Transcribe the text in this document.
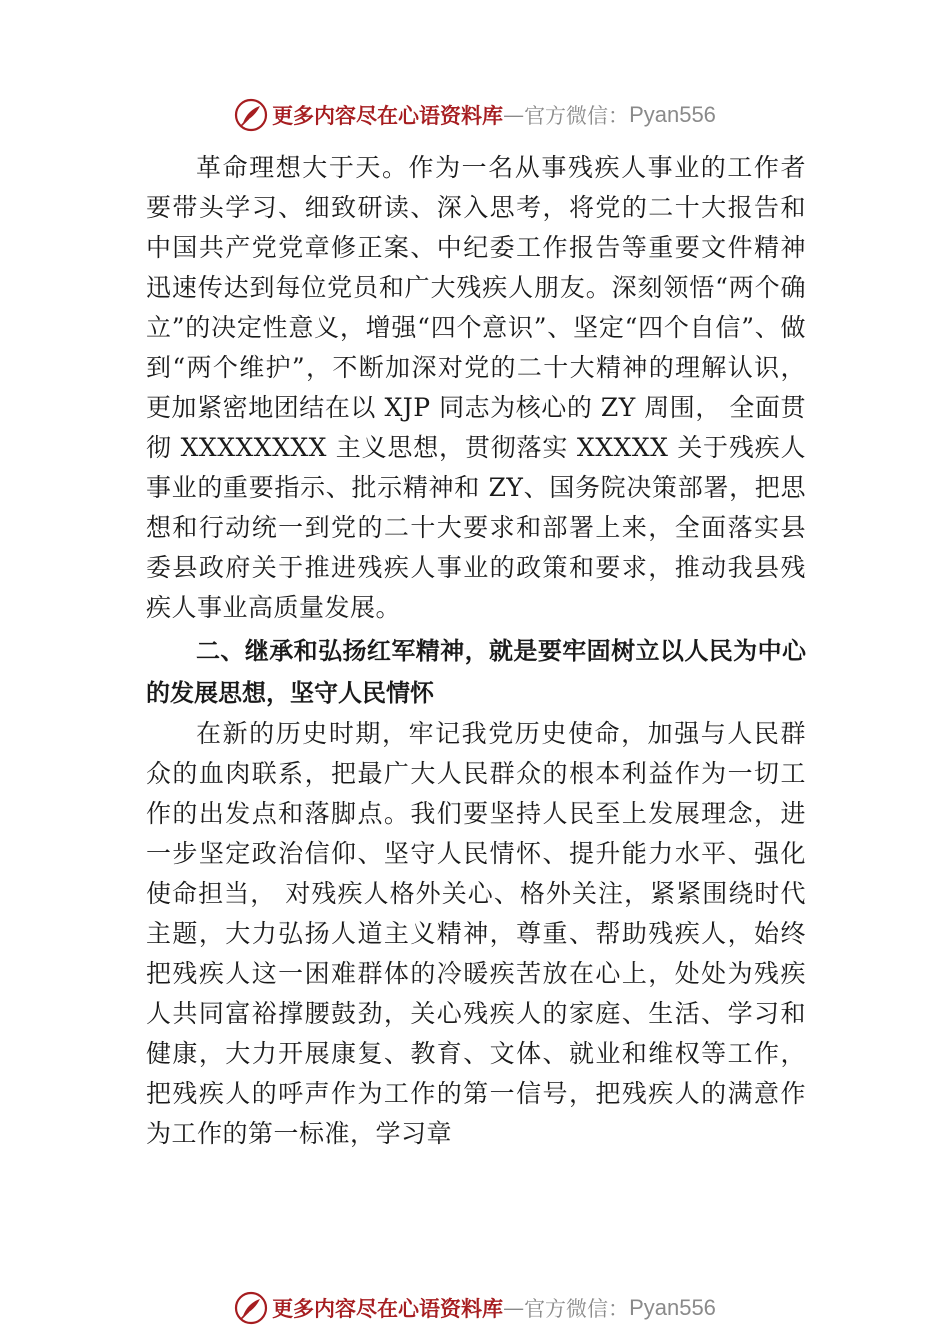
更多内容尽在心语资料库 — 官方微信： Pyan556

革命理想大于天。作为一名从事残疾人事业的工作者要带头学习、细致研读、深入思考，将党的二十大报告和中国共产党党章修正案、中纪委工作报告等重要文件精神迅速传达到每位党员和广大残疾人朋友。深刻领悟“两个确立”的决定性意义，增强“四个意识”、坚定“四个自信”、做到“两个维护”，不断加深对党的二十大精神的理解认识，更加紧密地团结在以 XJP 同志为核心的 ZY 周围， 全面贯彻 XXXXXXXX 主义思想，贯彻落实 XXXXX 关于残疾人事业的重要指示、批示精神和 ZY、国务院决策部署，把思想和行动统一到党的二十大要求和部署上来，全面落实县委县政府关于推进残疾人事业的政策和要求，推动我县残疾人事业高质量发展。

二、继承和弘扬红军精神，就是要牢固树立以人民为中心的发展思想，坚守人民情怀

在新的历史时期，牢记我党历史使命，加强与人民群众的血肉联系，把最广大人民群众的根本利益作为一切工作的出发点和落脚点。我们要坚持人民至上发展理念，进一步坚定政治信仰、坚守人民情怀、提升能力水平、强化使命担当， 对残疾人格外关心、格外关注，紧紧围绕时代主题，大力弘扬人道主义精神，尊重、帮助残疾人，始终把残疾人这一困难群体的冷暖疾苦放在心上，处处为残疾人共同富裕撑腰鼓劲，关心残疾人的家庭、生活、学习和健康，大力开展康复、教育、文体、就业和维权等工作，把残疾人的呼声作为工作的第一信号，把残疾人的满意作为工作的第一标准，学习章

更多内容尽在心语资料库 — 官方微信： Pyan556
